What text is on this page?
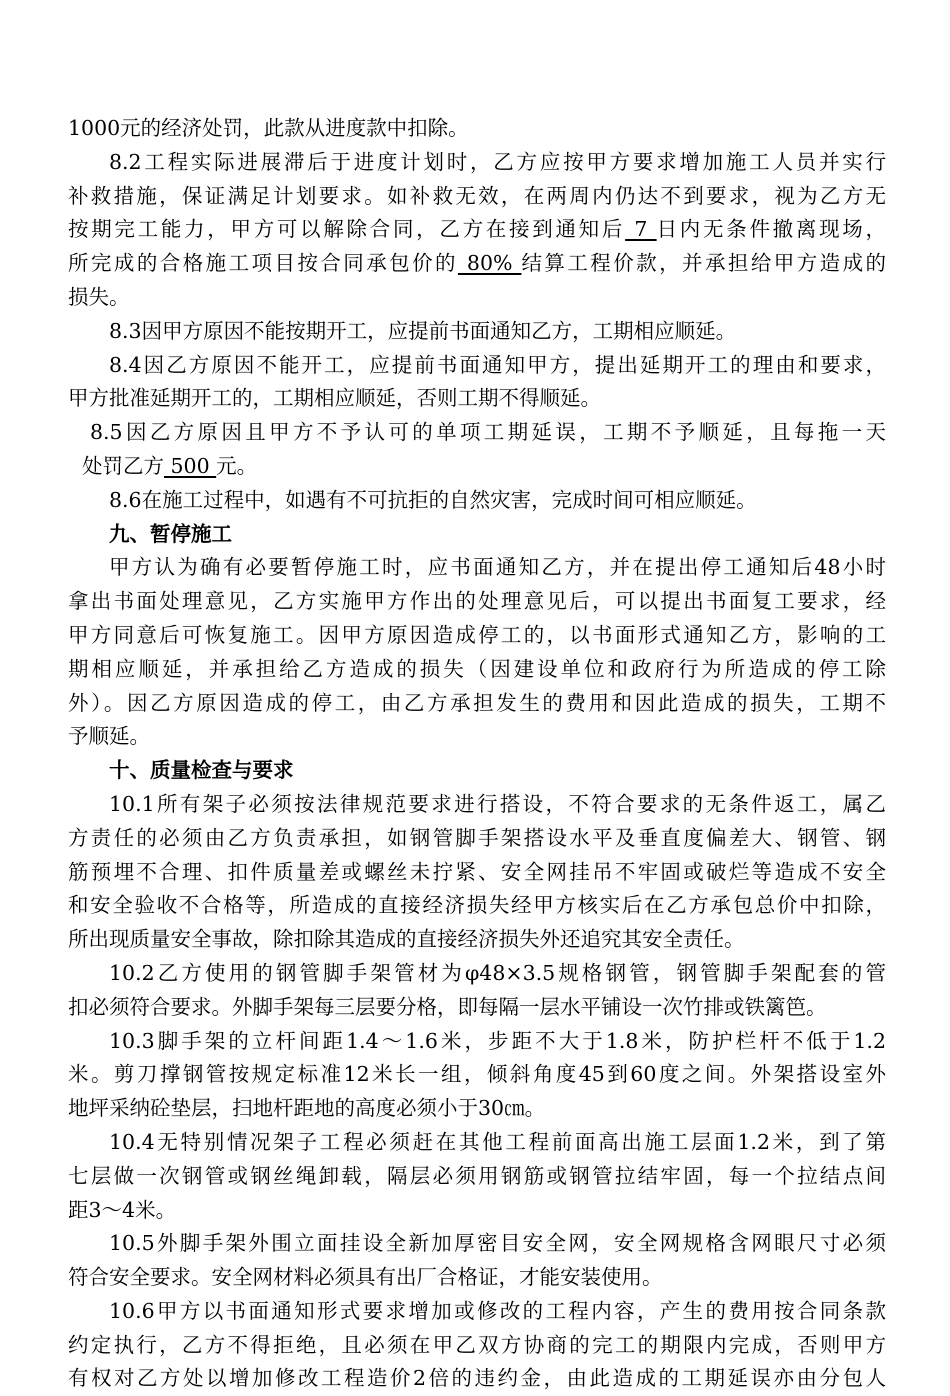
1000元的经济处罚，此款从进度款中扣除。
8.2工程实际进展滞后于进度计划时，乙方应按甲方要求增加施工人员并实行
补救措施，保证满足计划要求。如补救无效，在两周内仍达不到要求，视为乙方无
按期完工能力，甲方可以解除合同，乙方在接到通知后 7 日内无条件撤离现场，
所完成的合格施工项目按合同承包价的 80% 结算工程价款，并承担给甲方造成的
损失。
8.3因甲方原因不能按期开工，应提前书面通知乙方，工期相应顺延。
8.4因乙方原因不能开工，应提前书面通知甲方，提出延期开工的理由和要求，
甲方批准延期开工的，工期相应顺延，否则工期不得顺延。
8.5因乙方原因且甲方不予认可的单项工期延误，工期不予顺延，且每拖一天
处罚乙方 500 元。
8.6在施工过程中，如遇有不可抗拒的自然灾害，完成时间可相应顺延。
九、暂停施工
甲方认为确有必要暂停施工时，应书面通知乙方，并在提出停工通知后48小时
拿出书面处理意见，乙方实施甲方作出的处理意见后，可以提出书面复工要求，经
甲方同意后可恢复施工。因甲方原因造成停工的，以书面形式通知乙方，影响的工
期相应顺延，并承担给乙方造成的损失（因建设单位和政府行为所造成的停工除
外）。因乙方原因造成的停工，由乙方承担发生的费用和因此造成的损失，工期不
予顺延。
十、质量检查与要求
10.1所有架子必须按法律规范要求进行搭设，不符合要求的无条件返工，属乙
方责任的必须由乙方负责承担，如钢管脚手架搭设水平及垂直度偏差大、钢管、钢
筋预埋不合理、扣件质量差或螺丝未拧紧、安全网挂吊不牢固或破烂等造成不安全
和安全验收不合格等，所造成的直接经济损失经甲方核实后在乙方承包总价中扣除，
所出现质量安全事故，除扣除其造成的直接经济损失外还追究其安全责任。
10.2乙方使用的钢管脚手架管材为φ48×3.5规格钢管，钢管脚手架配套的管
扣必须符合要求。外脚手架每三层要分格，即每隔一层水平铺设一次竹排或铁篱笆。
10.3脚手架的立杆间距1.4～1.6米，步距不大于1.8米，防护栏杆不低于1.2
米。剪刀撑钢管按规定标准12米长一组，倾斜角度45到60度之间。外架搭设室外
地坪采纳砼垫层，扫地杆距地的高度必须小于30㎝。
10.4无特别情况架子工程必须赶在其他工程前面高出施工层面1.2米，到了第
七层做一次钢管或钢丝绳卸载，隔层必须用钢筋或钢管拉结牢固，每一个拉结点间
距3～4米。
10.5外脚手架外围立面挂设全新加厚密目安全网，安全网规格含网眼尺寸必须
符合安全要求。安全网材料必须具有出厂合格证，才能安装使用。
10.6甲方以书面通知形式要求增加或修改的工程内容，产生的费用按合同条款
约定执行，乙方不得拒绝，且必须在甲乙双方协商的完工的期限内完成，否则甲方
有权对乙方处以增加修改工程造价2倍的违约金，由此造成的工期延误亦由分包人
